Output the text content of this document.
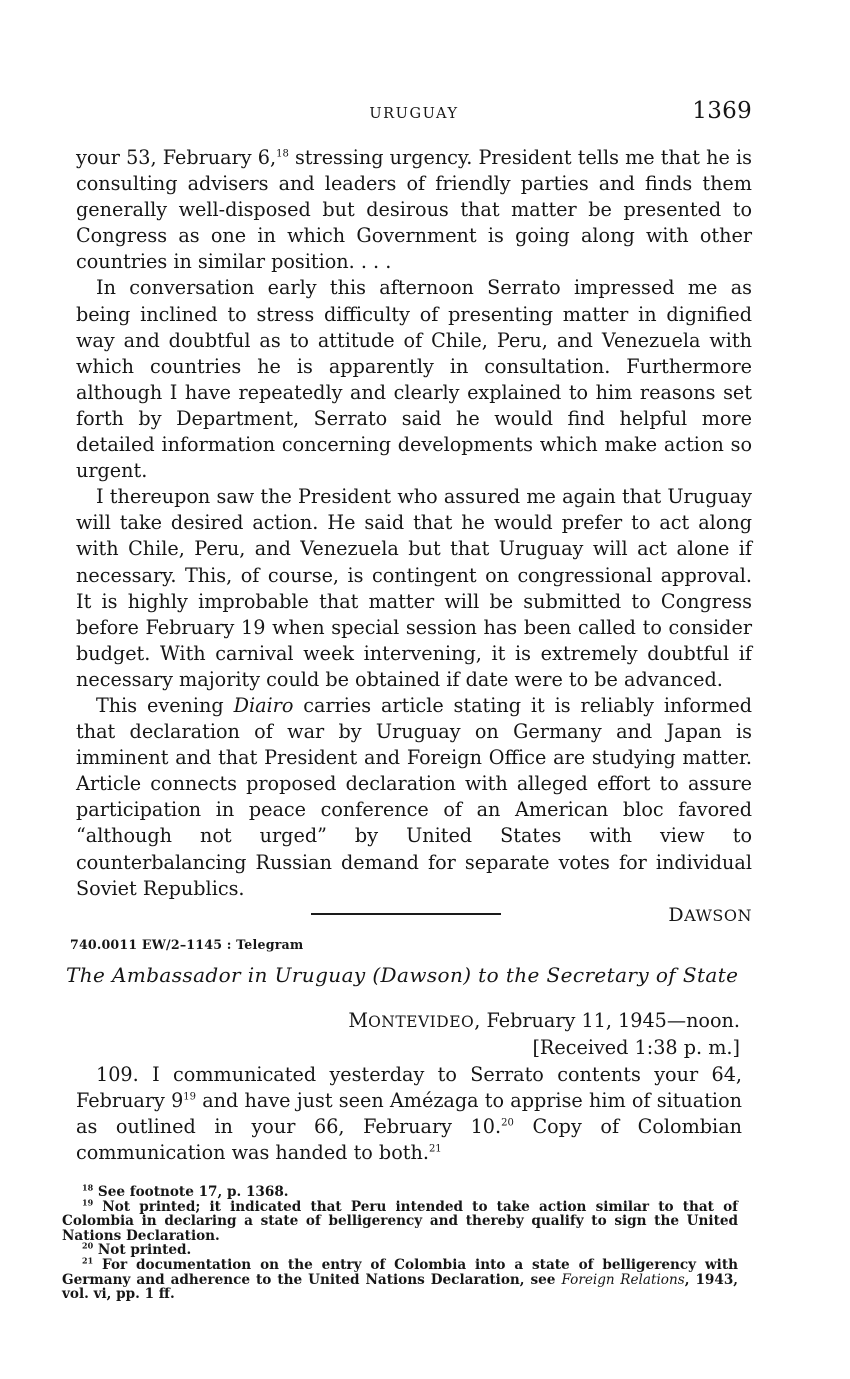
URUGUAY	1369

your 53, February 6,18 stressing urgency. President tells me that he is consulting advisers and leaders of friendly parties and finds them generally well-disposed but desirous that matter be presented to Congress as one in which Government is going along with other countries in similar position. . . .

In conversation early this afternoon Serrato impressed me as being inclined to stress difficulty of presenting matter in dignified way and doubtful as to attitude of Chile, Peru, and Venezuela with which countries he is apparently in consultation. Furthermore although I have repeatedly and clearly explained to him reasons set forth by Department, Serrato said he would find helpful more detailed information concerning developments which make action so urgent.

I thereupon saw the President who assured me again that Uruguay will take desired action. He said that he would prefer to act along with Chile, Peru, and Venezuela but that Uruguay will act alone if necessary. This, of course, is contingent on congressional approval. It is highly improbable that matter will be submitted to Congress before February 19 when special session has been called to consider budget. With carnival week intervening, it is extremely doubtful if necessary majority could be obtained if date were to be advanced.

This evening Diairo carries article stating it is reliably informed that declaration of war by Uruguay on Germany and Japan is imminent and that President and Foreign Office are studying matter. Article connects proposed declaration with alleged effort to assure participation in peace conference of an American bloc favored “although not urged” by United States with view to counterbalancing Russian demand for separate votes for individual Soviet Republics.

DAWSON

740.0011 EW/2–1145 : Telegram
The Ambassador in Uruguay (Dawson) to the Secretary of State
MONTEVIDEO, February 11, 1945—noon.
[Received 1:38 p. m.]

109. I communicated yesterday to Serrato contents your 64, February $9^{19}$ and have just seen Amézaga to apprise him of situation as outlined in your 66, February 10.20 Copy of Colombian communication was handed to both.$^{21}$

$^{18}$ See footnote 17, p. 1368.

$^{19}$ Not printed; it indicated that Peru intended to take action similar to that of Colombia in declaring a state of belligerency and thereby qualify to sign the United Nations Declaration.

$^{20}$ Not printed.

$^{21}$ For documentation on the entry of Colombia into a state of belligerency with Germany and adherence to the United Nations Declaration, see Foreign Relations, 1943, vol. vi, pp. 1 ff.
